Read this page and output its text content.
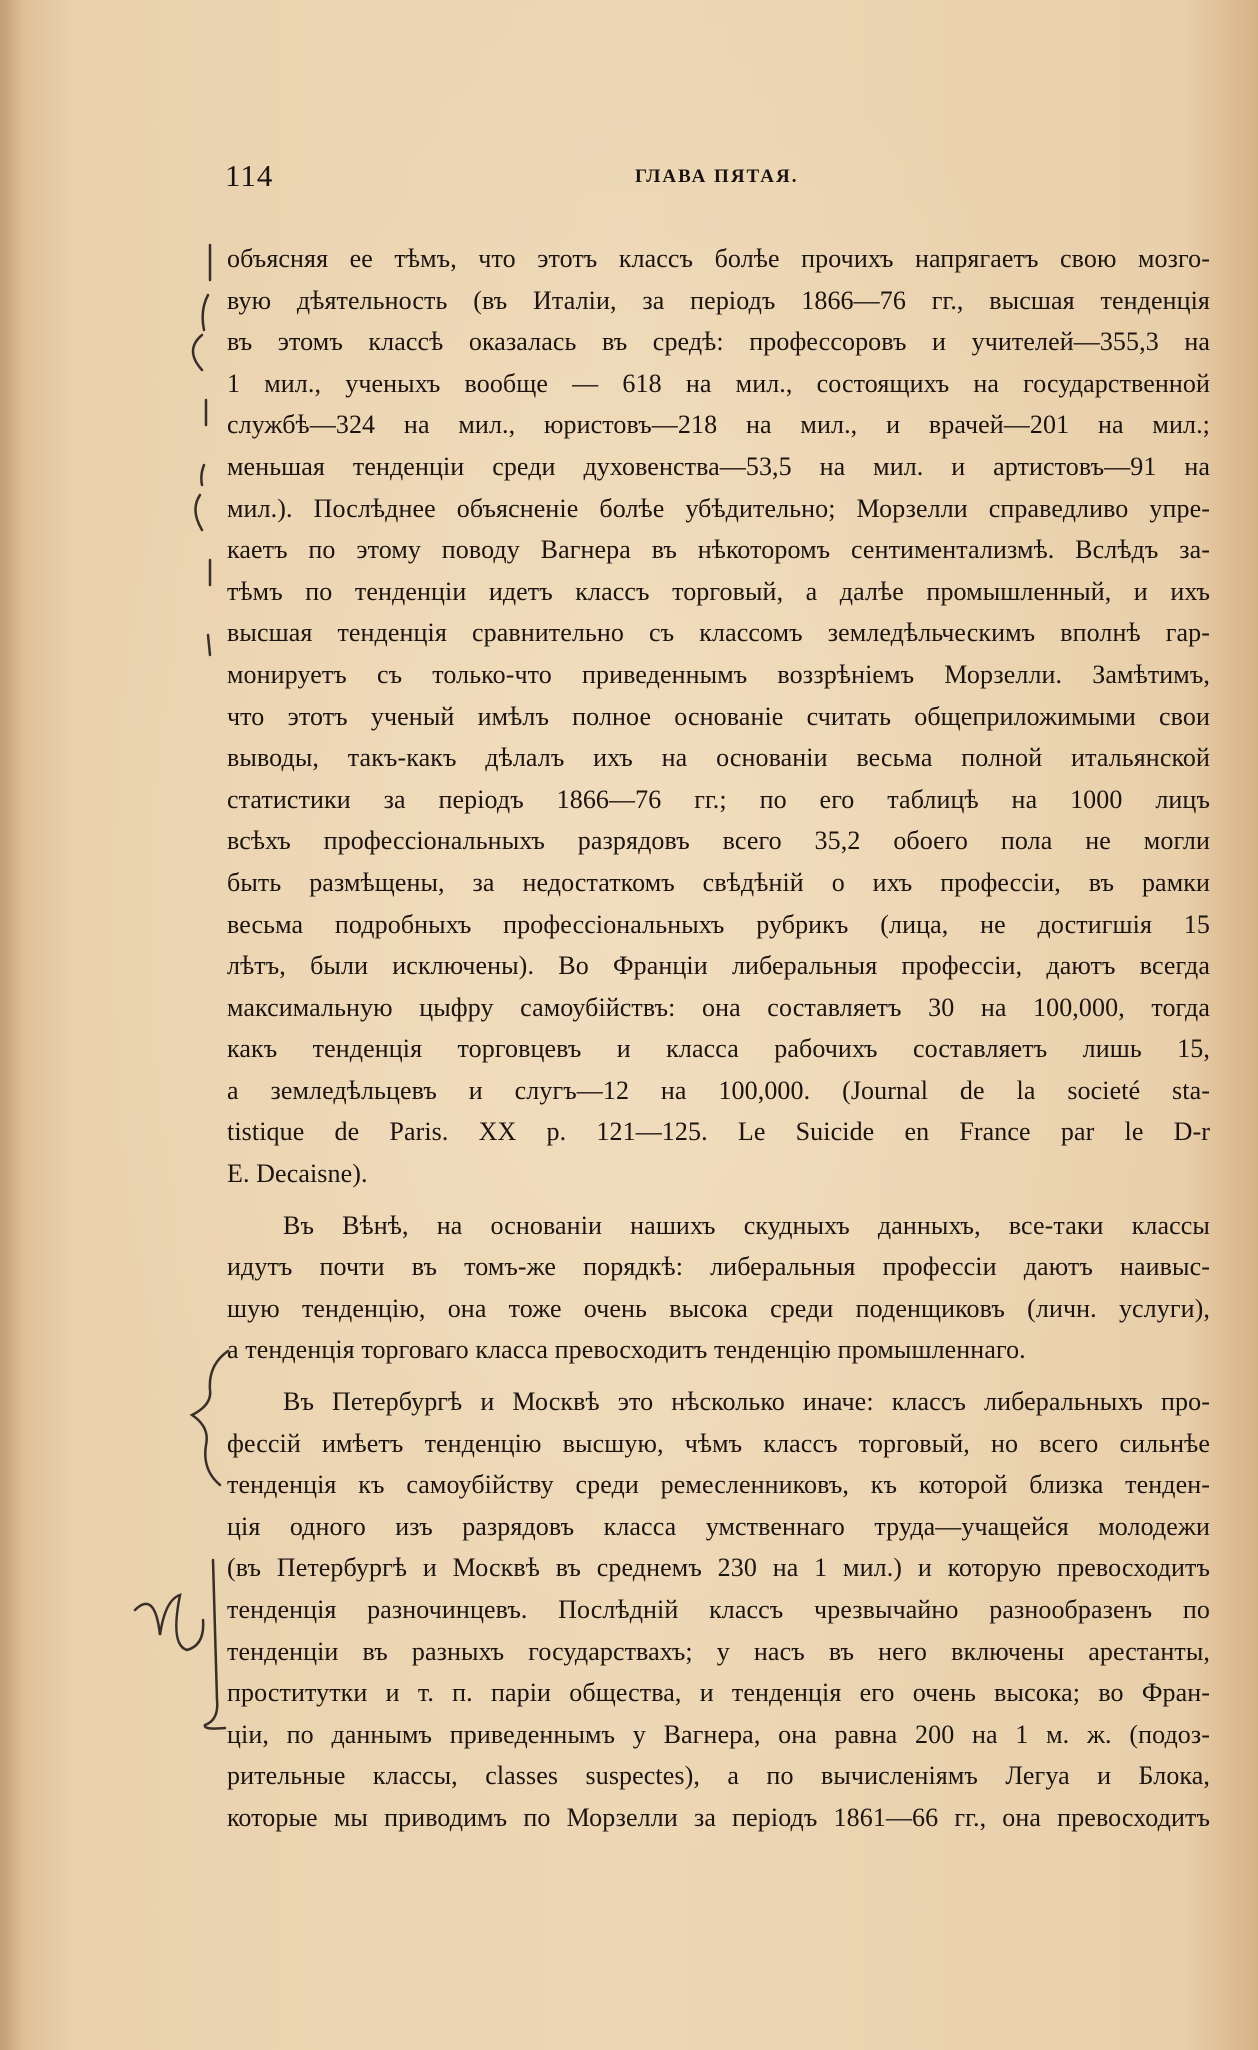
114	ГЛАВА ПЯТАЯ.
объясняя ее тѣмъ, что этотъ классъ болѣе прочихъ напрягаетъ свою мозго-
вую дѣятельность (въ Италіи, за періодъ 1866—76 гг., высшая тенденція
въ этомъ классѣ оказалась въ средѣ: профессоровъ и учителей—355,3 на
1 мил., ученыхъ вообще — 618 на мил., состоящихъ на государственной
службѣ—324 на мил., юристовъ—218 на мил., и врачей—201 на мил.;
меньшая тенденціи среди духовенства—53,5 на мил. и артистовъ—91 на
мил.). Послѣднее объясненіе болѣе убѣдительно; Морзелли справедливо упре-
каетъ по этому поводу Вагнера въ нѣкоторомъ сентиментализмѣ. Вслѣдъ за-
тѣмъ по тенденціи идетъ классъ торговый, а далѣе промышленный, и ихъ
высшая тенденція сравнительно съ классомъ земледѣльческимъ вполнѣ гар-
монируетъ съ только-что приведеннымъ воззрѣніемъ Морзелли. Замѣтимъ,
что этотъ ученый имѣлъ полное основаніе считать общеприложимыми свои
выводы, такъ-какъ дѣлалъ ихъ на основаніи весьма полной итальянской
статистики за періодъ 1866—76 гг.; по его таблицѣ на 1000 лицъ
всѣхъ профессіональныхъ разрядовъ всего 35,2 обоего пола не могли
быть размѣщены, за недостаткомъ свѣдѣній о ихъ профессіи, въ рамки
весьма подробныхъ профессіональныхъ рубрикъ (лица, не достигшія 15
лѣтъ, были исключены). Во Франціи либеральныя профессіи, даютъ всегда
максимальную цыфру самоубійствъ: она составляетъ 30 на 100,000, тогда
какъ тенденція торговцевъ и класса рабочихъ составляетъ лишь 15,
а земледѣльцевъ и слугъ—12 на 100,000. (Journal de la societé sta-
tistique de Paris. XX p. 121—125. Le Suicide en France par le D-r
E. Decaisne).
Въ Вѣнѣ, на основаніи нашихъ скудныхъ данныхъ, все-таки классы
идутъ почти въ томъ-же порядкѣ: либеральныя профессіи даютъ наивыс-
шую тенденцію, она тоже очень высока среди поденщиковъ (личн. услуги),
а тенденція торговаго класса превосходитъ тенденцію промышленнаго.
Въ Петербургѣ и Москвѣ это нѣсколько иначе: классъ либеральныхъ про-
фессій имѣетъ тенденцію высшую, чѣмъ классъ торговый, но всего сильнѣе
тенденція къ самоубійству среди ремесленниковъ, къ которой близка тенден-
ція одного изъ разрядовъ класса умственнаго труда—учащейся молодежи
(въ Петербургѣ и Москвѣ въ среднемъ 230 на 1 мил.) и которую превосходитъ
тенденція разночинцевъ. Послѣдній классъ чрезвычайно разнообразенъ по
тенденціи въ разныхъ государствахъ; у насъ въ него включены арестанты,
проститутки и т. п. паріи общества, и тенденція его очень высока; во Фран-
ціи, по даннымъ приведеннымъ у Вагнера, она равна 200 на 1 м. ж. (подоз-
рительные классы, classes suspectes), а по вычисленіямъ Легуа и Блока,
которые мы приводимъ по Морзелли за періодъ 1861—66 гг., она превосходитъ
